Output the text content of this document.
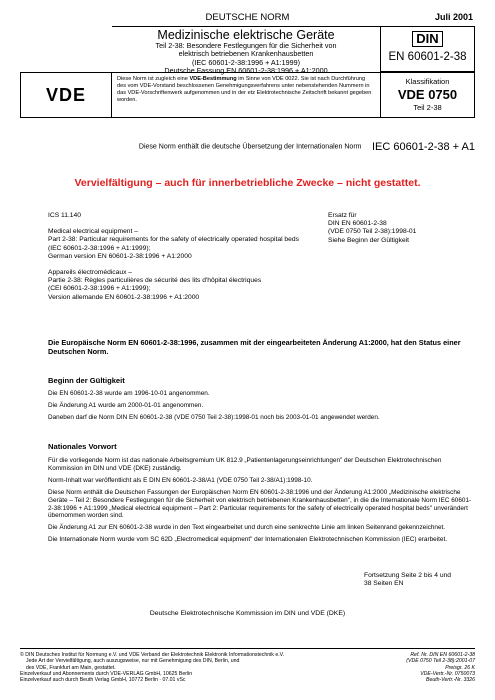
DEUTSCHE NORM	Juli 2001
Medizinische elektrische Geräte
Teil 2-38: Besondere Festlegungen für die Sicherheit von
elektrisch betriebenen Krankenhausbetten
(IEC 60601-2-38:1996 + A1:1999)
Deutsche Fassung EN 60601-2-38:1996 + A1:2000
DIN
EN 60601-2-38
VDE
Diese Norm ist zugleich eine VDE-Bestimmung im Sinne von VDE 0022. Sie ist nach Durchführung des vom VDE-Vorstand beschlossenen Genehmigungsverfahrens unter nebenstehenden Nummern in das VDE-Vorschriftenwerk aufgenommen und in der etz Elektrotechnische Zeitschrift bekannt gegeben worden.
Klassifikation
VDE 0750
Teil 2-38
Diese Norm enthält die deutsche Übersetzung der Internationalen Norm IEC 60601-2-38 + A1
Vervielfältigung – auch für innerbetriebliche Zwecke – nicht gestattet.

ICS 11.140

Medical electrical equipment –
Part 2-38: Particular requirements for the safety of electrically operated hospital beds
(IEC 60601-2-38:1996 + A1:1999);
German version EN 60601-2-38:1996 + A1:2000

Appareils électromédicaux –
Partie 2-38: Règles particulières de sécurité des lits d'hôpital électriques
(CEI 60601-2-38:1996 + A1:1999);
Version allemande EN 60601-2-38:1996 + A1:2000

Ersatz für
DIN EN 60601-2-38
(VDE 0750 Teil 2-38):1998-01
Siehe Beginn der Gültigkeit
Die Europäische Norm EN 60601-2-38:1996, zusammen mit der eingearbeiteten Änderung A1:2000, hat den Status einer Deutschen Norm.
Beginn der Gültigkeit

Die EN 60601-2-38 wurde am 1996-10-01 angenommen.

Die Änderung A1 wurde am 2000-01-01 angenommen.

Daneben darf die Norm DIN EN 60601-2-38 (VDE 0750 Teil 2-38):1998-01 noch bis 2003-01-01 angewendet werden.

Nationales Vorwort

Für die vorliegende Norm ist das nationale Arbeitsgremium UK 812.9 „Patientenlagerungseinrichtungen" der Deutschen Elektrotechnischen Kommission im DIN und VDE (DKE) zuständig.

Norm-Inhalt war veröffentlicht als E DIN EN 60601-2-38/A1 (VDE 0750 Teil 2-38/A1):1998-10.

Diese Norm enthält die Deutschen Fassungen der Europäischen Norm EN 60601-2-38:1996 und der Änderung A1:2000 „Medizinische elektrische Geräte – Teil 2: Besondere Festlegungen für die Sicherheit von elektrisch betriebenen Krankenhausbetten", in die die Internationale Norm IEC 60601-2-38:1996 + A1:1999 „Medical electrical equipment – Part 2: Particular requirements for the safety of electrically operated hospital beds" unverändert übernommen worden sind.

Die Änderung A1 zur EN 60601-2-38 wurde in den Text eingearbeitet und durch eine senkrechte Linie am linken Seitenrand gekennzeichnet.

Die Internationale Norm wurde vom SC 62D „Electromedical equipment" der Internationalen Elektrotechnischen Kommission (IEC) erarbeitet.

Fortsetzung Seite 2 bis 4 und
38 Seiten EN
Deutsche Elektrotechnische Kommission im DIN und VDE (DKE)
© DIN Deutsches Institut für Normung e.V. und VDE Verband der Elektrotechnik Elektronik Informationstechnik e.V.
Jede Art der Vervielfältigung, auch auszugsweise, nur mit Genehmigung des DIN, Berlin, und
des VDE, Frankfurt am Main, gestattet.
Einzelverkauf und Abonnements durch VDE-VERLAG GmbH, 10625 Berlin
Einzelverkauf auch durch Beuth Verlag GmbH, 10772 Berlin · 07.01 vSc
Ref. Nr. DIN EN 60601-2-38
(VDE 0750 Teil 2-38):2001-07
Preisgr. 26 K
VDE-Vertr.-Nr. 0750073
Beuth-Vertr.-Nr. 3326
